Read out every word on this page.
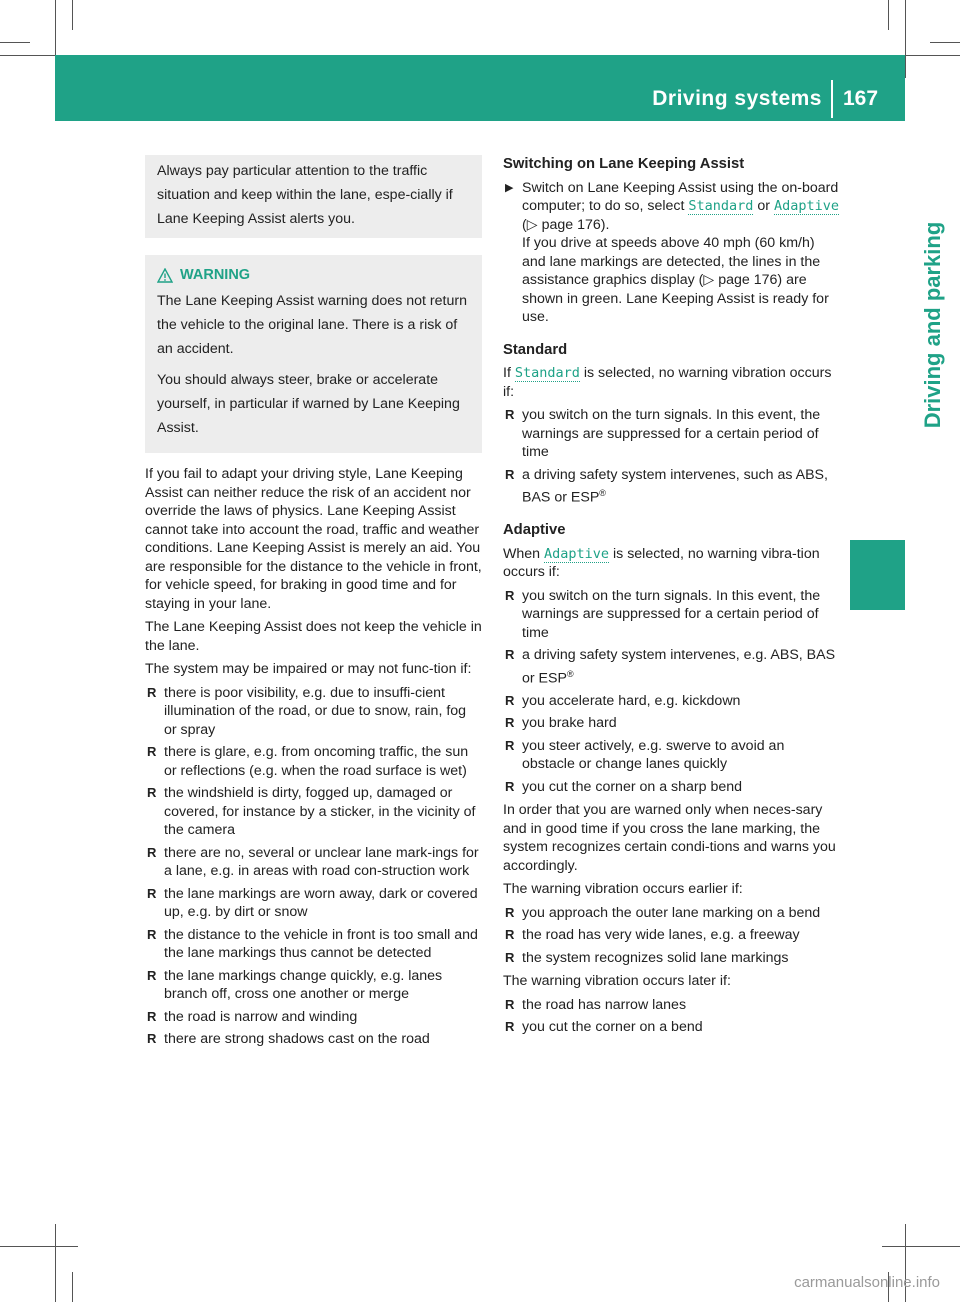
Driving systems 167
Driving and parking
Always pay particular attention to the traffic situation and keep within the lane, espe-cially if Lane Keeping Assist alerts you.
WARNING

The Lane Keeping Assist warning does not return the vehicle to the original lane. There is a risk of an accident.

You should always steer, brake or accelerate yourself, in particular if warned by Lane Keeping Assist.

If you fail to adapt your driving style, Lane Keeping Assist can neither reduce the risk of an accident nor override the laws of physics. Lane Keeping Assist cannot take into account the road, traffic and weather conditions. Lane Keeping Assist is merely an aid. You are responsible for the distance to the vehicle in front, for vehicle speed, for braking in good time and for staying in your lane.

The Lane Keeping Assist does not keep the vehicle in the lane.

The system may be impaired or may not func-tion if:

R there is poor visibility, e.g. due to insuffi-cient illumination of the road, or due to snow, rain, fog or spray
R there is glare, e.g. from oncoming traffic, the sun or reflections (e.g. when the road surface is wet)
R the windshield is dirty, fogged up, damaged or covered, for instance by a sticker, in the vicinity of the camera
R there are no, several or unclear lane mark-ings for a lane, e.g. in areas with road con-struction work
R the lane markings are worn away, dark or covered up, e.g. by dirt or snow
R the distance to the vehicle in front is too small and the lane markings thus cannot be detected
R the lane markings change quickly, e.g. lanes branch off, cross one another or merge
R the road is narrow and winding
R there are strong shadows cast on the road
Switching on Lane Keeping Assist
▶ Switch on Lane Keeping Assist using the on-board computer; to do so, select Standard or Adaptive (▷ page 176).
If you drive at speeds above 40 mph (60 km/h) and lane markings are detected, the lines in the assistance graphics display (▷ page 176) are shown in green. Lane Keeping Assist is ready for use.
Standard

If Standard is selected, no warning vibration occurs if:

R you switch on the turn signals. In this event, the warnings are suppressed for a certain period of time
R a driving safety system intervenes, such as ABS, BAS or ESP®
Adaptive

When Adaptive is selected, no warning vibra-tion occurs if:

R you switch on the turn signals. In this event, the warnings are suppressed for a certain period of time
R a driving safety system intervenes, e.g. ABS, BAS or ESP®
R you accelerate hard, e.g. kickdown
R you brake hard
R you steer actively, e.g. swerve to avoid an obstacle or change lanes quickly
R you cut the corner on a sharp bend

In order that you are warned only when neces-sary and in good time if you cross the lane marking, the system recognizes certain condi-tions and warns you accordingly.

The warning vibration occurs earlier if:

R you approach the outer lane marking on a bend
R the road has very wide lanes, e.g. a freeway
R the system recognizes solid lane markings

The warning vibration occurs later if:

R the road has narrow lanes
R you cut the corner on a bend
carmanualsonline.info
